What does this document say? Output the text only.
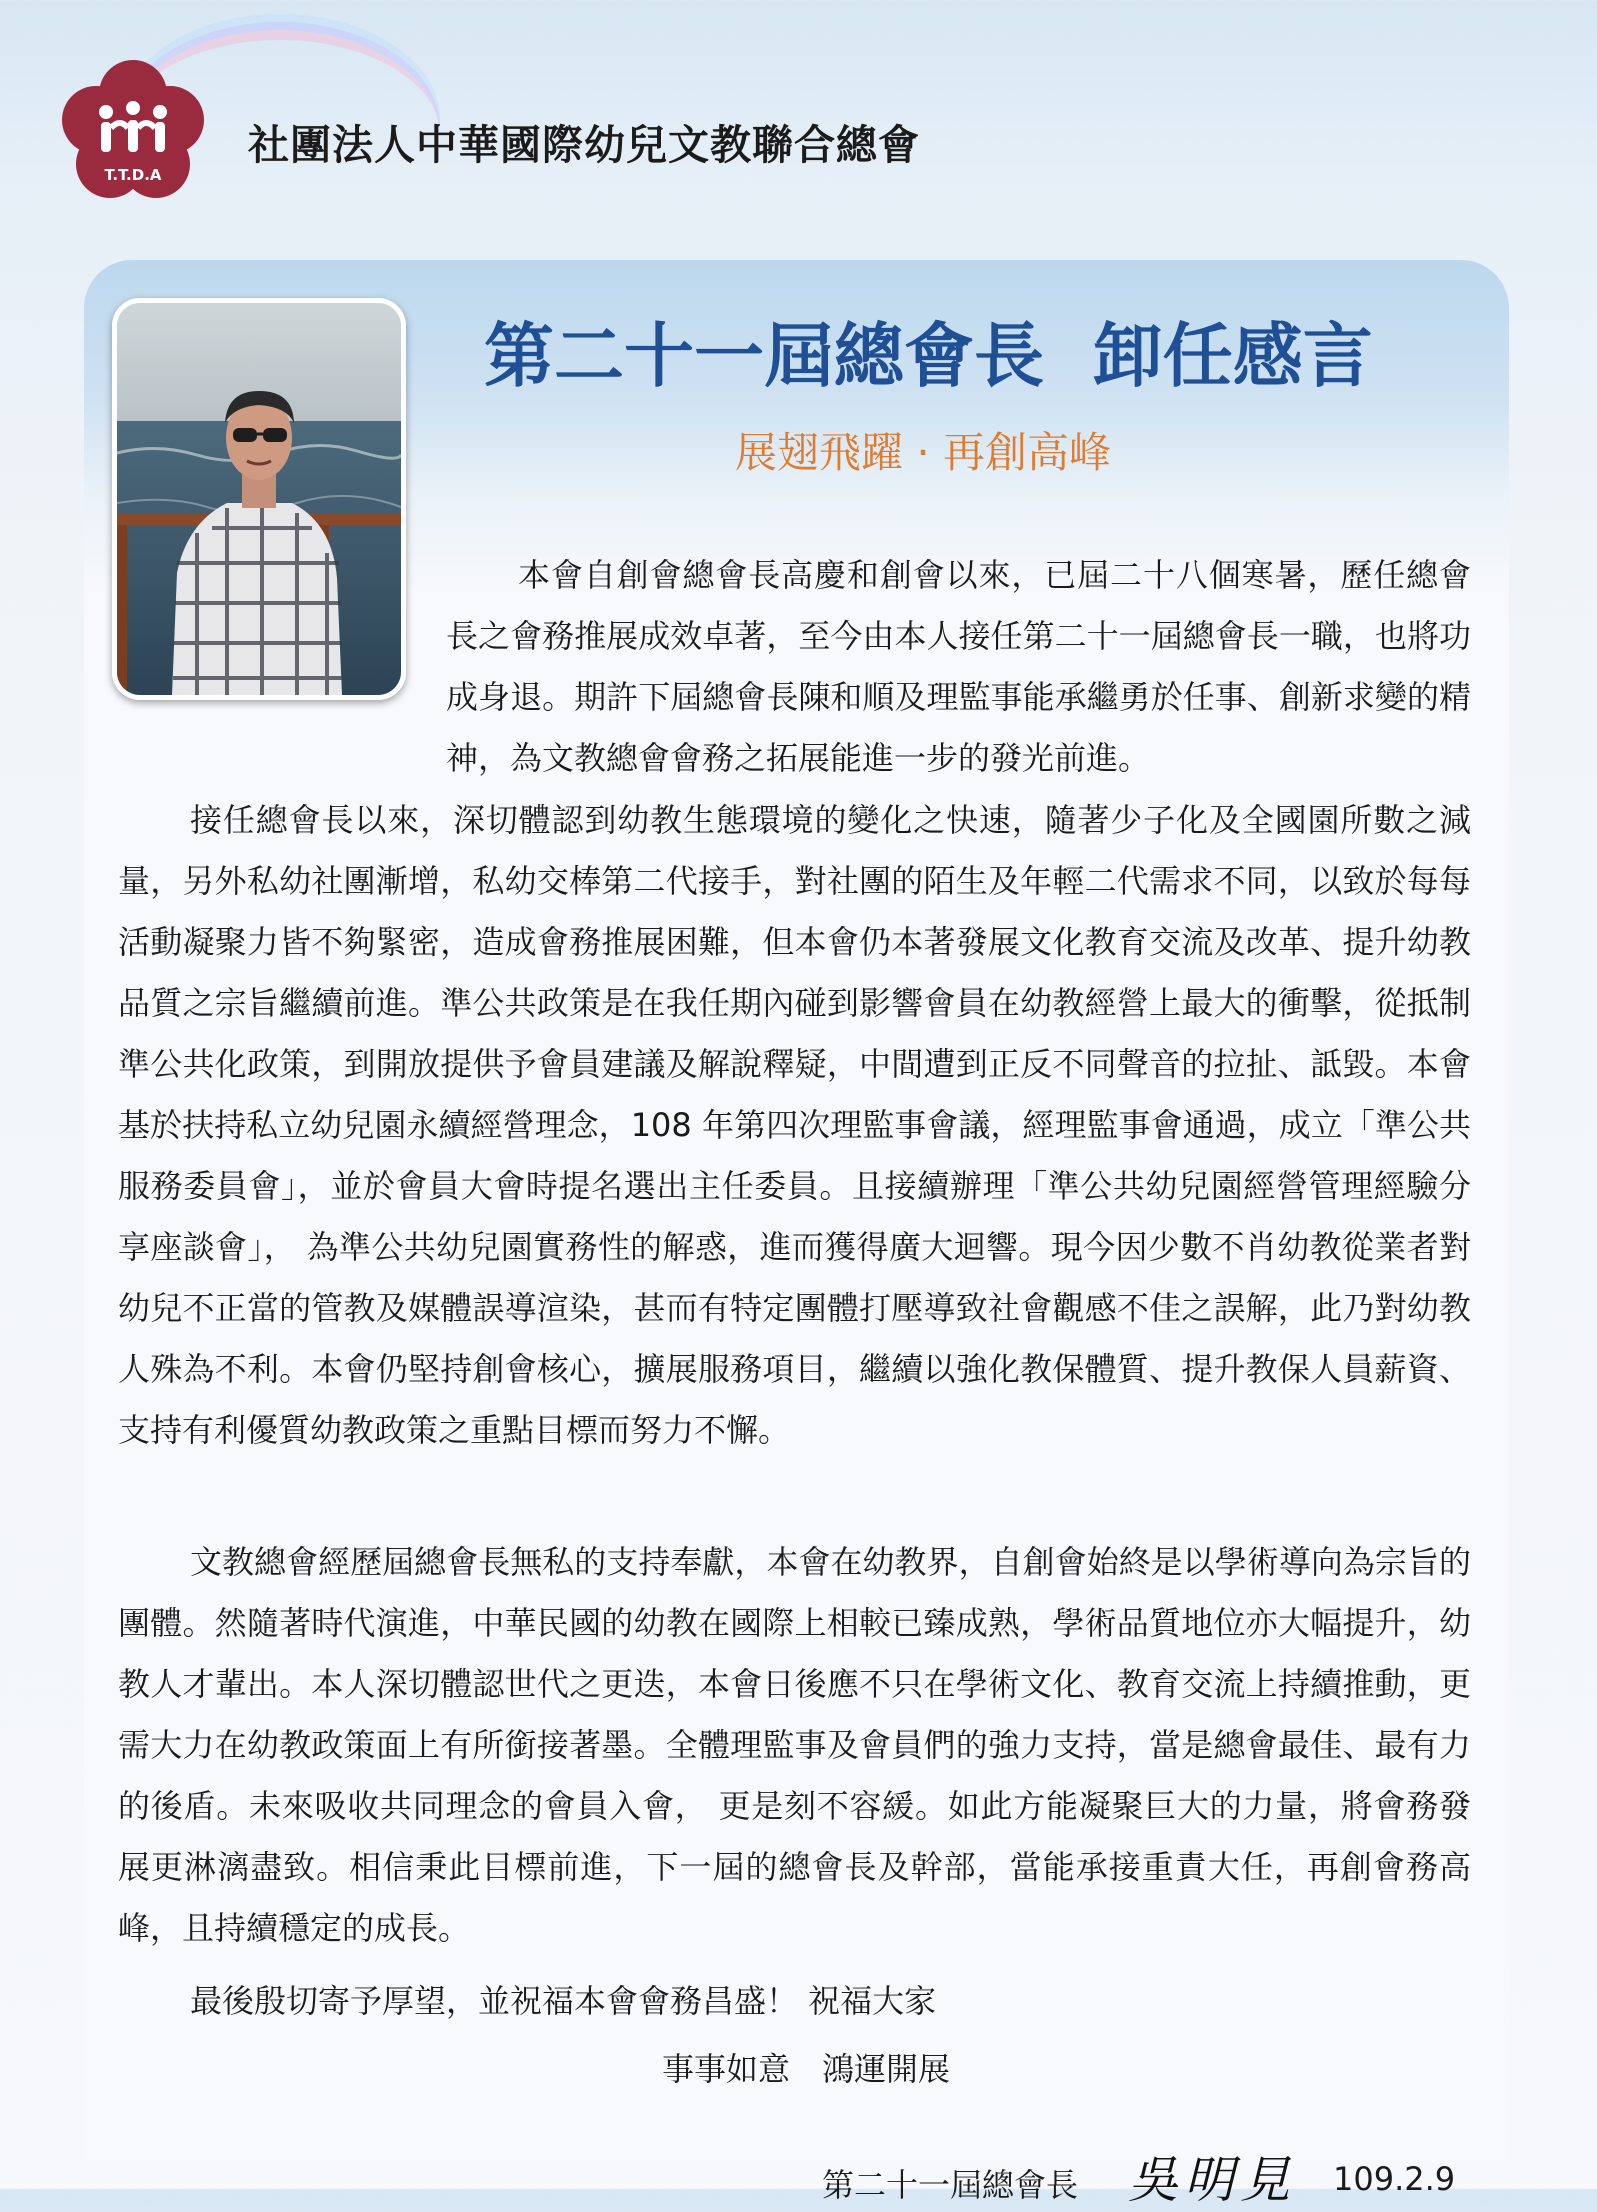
T.T.D.A
社團法人中華國際幼兒文教聯合總會
第二十一屆總會長  卸任感言
展翅飛躍 · 再創高峰

本會自創會總會長高慶和創會以來，已屆二十八個寒暑，歷任總會長之會務推展成效卓著，至今由本人接任第二十一屆總會長一職，也將功成身退。期許下屆總會長陳和順及理監事能承繼勇於任事、創新求變的精神，為文教總會會務之拓展能進一步的發光前進。

接任總會長以來，深切體認到幼教生態環境的變化之快速，隨著少子化及全國園所數之減量，另外私幼社團漸增，私幼交棒第二代接手，對社團的陌生及年輕二代需求不同，以致於每每活動凝聚力皆不夠緊密，造成會務推展困難，但本會仍本著發展文化教育交流及改革、提升幼教品質之宗旨繼續前進。準公共政策是在我任期內碰到影響會員在幼教經營上最大的衝擊，從抵制準公共化政策，到開放提供予會員建議及解說釋疑，中間遭到正反不同聲音的拉扯、詆毀。本會基於扶持私立幼兒園永續經營理念，108 年第四次理監事會議，經理監事會通過，成立「準公共服務委員會」，並於會員大會時提名選出主任委員。且接續辦理「準公共幼兒園經營管理經驗分享座談會」， 為準公共幼兒園實務性的解惑，進而獲得廣大迴響。現今因少數不肖幼教從業者對幼兒不正當的管教及媒體誤導渲染，甚而有特定團體打壓導致社會觀感不佳之誤解，此乃對幼教人殊為不利。本會仍堅持創會核心，擴展服務項目，繼續以強化教保體質、提升教保人員薪資、支持有利優質幼教政策之重點目標而努力不懈。

文教總會經歷屆總會長無私的支持奉獻，本會在幼教界，自創會始終是以學術導向為宗旨的團體。然隨著時代演進，中華民國的幼教在國際上相較已臻成熟，學術品質地位亦大幅提升，幼教人才輩出。本人深切體認世代之更迭，本會日後應不只在學術文化、教育交流上持續推動，更需大力在幼教政策面上有所銜接著墨。全體理監事及會員們的強力支持，當是總會最佳、最有力的後盾。未來吸收共同理念的會員入會， 更是刻不容緩。如此方能凝聚巨大的力量，將會務發展更淋漓盡致。相信秉此目標前進，下一屆的總會長及幹部，當能承接重責大任，再創會務高峰，且持續穩定的成長。

最後殷切寄予厚望，並祝福本會會務昌盛！ 祝福大家
事事如意　鴻運開展
第二十一屆總會長 吳明見 109.2.9
